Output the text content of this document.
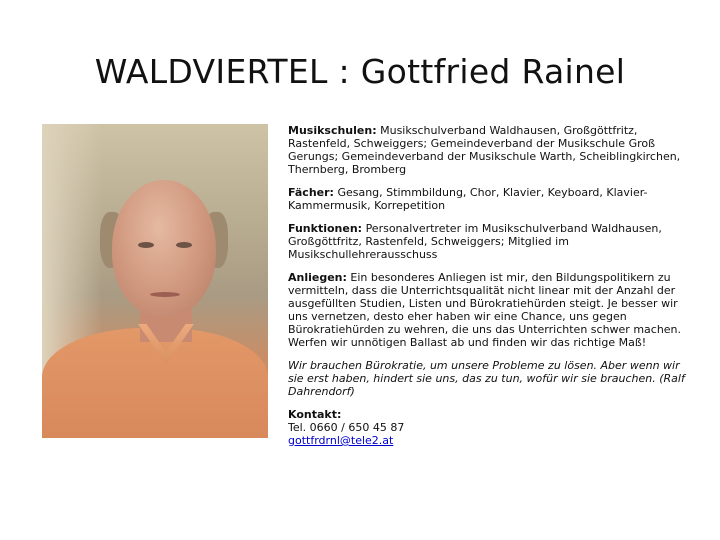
WALDVIERTEL : Gottfried Rainel
Musikschulen: Musikschulverband Waldhausen, Großgöttfritz, Rastenfeld, Schweiggers; Gemeindeverband der Musikschule Groß Gerungs; Gemeindeverband der Musikschule Warth, Scheiblingkirchen, Thernberg, Bromberg
Fächer: Gesang, Stimmbildung, Chor, Klavier, Keyboard, Klavier-Kammermusik, Korrepetition
Funktionen: Personalvertreter im Musikschulverband Waldhausen, Großgöttfritz, Rastenfeld, Schweiggers; Mitglied im Musikschullehrerausschuss
Anliegen: Ein besonderes Anliegen ist mir, den Bildungspolitikern zu vermitteln, dass die Unterrichtsqualität nicht linear mit der Anzahl der ausgefüllten Studien, Listen und Bürokratiehürden steigt. Je besser wir uns vernetzen, desto eher haben wir eine Chance, uns gegen Bürokratiehürden zu wehren, die uns das Unterrichten schwer machen. Werfen wir unnötigen Ballast ab und finden wir das richtige Maß!
Wir brauchen Bürokratie, um unsere Probleme zu lösen. Aber wenn wir sie erst haben, hindert sie uns, das zu tun, wofür wir sie brauchen. (Ralf Dahrendorf)
Kontakt:
Tel. 0660 / 650 45 87
gottfrdrnl@tele2.at
